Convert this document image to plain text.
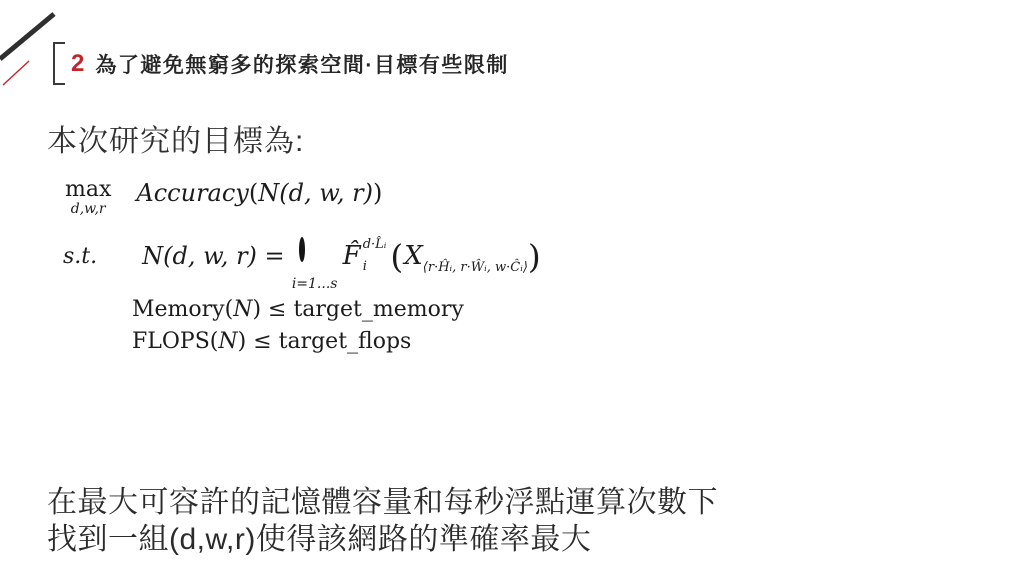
2 為了避免無窮多的探索空間·目標有些限制
本次研究的目標為:
max
d,w,r
Accuracy(N(d, w, r))
s.t. N(d, w, r) =
i=1...s
F̂ d·L̂ᵢ
i ( X ⟨r·Ĥᵢ, r·Ŵᵢ, w·Ĉᵢ⟩ )
Memory(N) ≤ target_memory
FLOPS(N) ≤ target_flops
在最大可容許的記憶體容量和每秒浮點運算次數下
找到一組(d,w,r)使得該網路的準確率最大
